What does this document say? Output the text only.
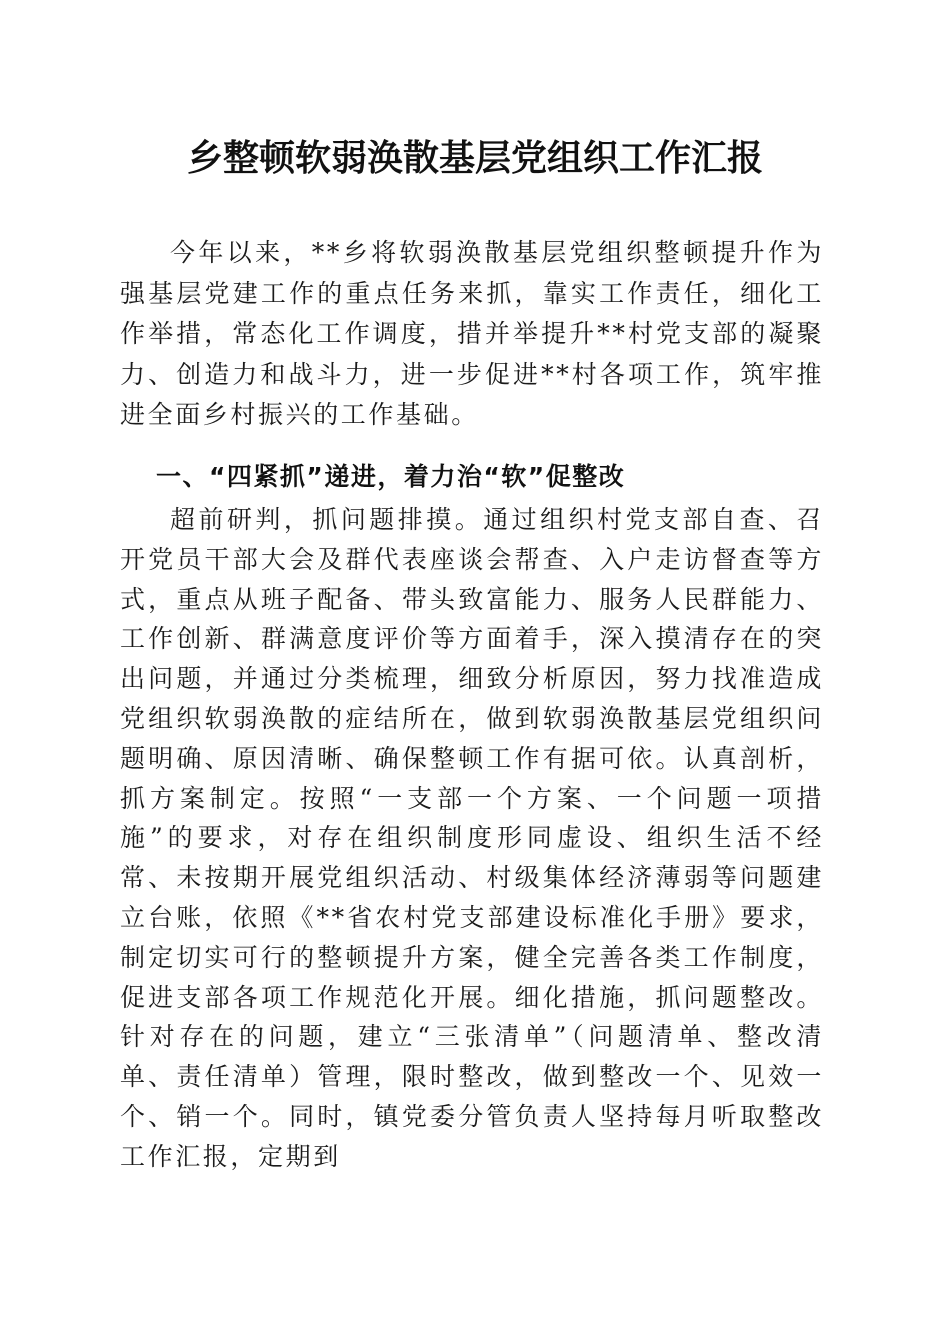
乡整顿软弱涣散基层党组织工作汇报

今年以来，**乡将软弱涣散基层党组织整顿提升作为强基层党建工作的重点任务来抓，靠实工作责任，细化工作举措，常态化工作调度，措并举提升**村党支部的凝聚力、创造力和战斗力，进一步促进**村各项工作，筑牢推进全面乡村振兴的工作基础。

一、“四紧抓”递进，着力治“软”促整改

超前研判，抓问题排摸。通过组织村党支部自查、召开党员干部大会及群代表座谈会帮查、入户走访督查等方式，重点从班子配备、带头致富能力、服务人民群能力、工作创新、群满意度评价等方面着手，深入摸清存在的突出问题，并通过分类梳理，细致分析原因，努力找准造成党组织软弱涣散的症结所在，做到软弱涣散基层党组织问题明确、原因清晰、确保整顿工作有据可依。认真剖析，抓方案制定。按照“一支部一个方案、一个问题一项措施”的要求，对存在组织制度形同虚设、组织生活不经常、未按期开展党组织活动、村级集体经济薄弱等问题建立台账，依照《**省农村党支部建设标准化手册》要求，制定切实可行的整顿提升方案，健全完善各类工作制度，促进支部各项工作规范化开展。细化措施，抓问题整改。针对存在的问题，建立“三张清单”（问题清单、整改清单、责任清单）管理，限时整改，做到整改一个、见效一个、销一个。同时，镇党委分管负责人坚持每月听取整改工作汇报，定期到
